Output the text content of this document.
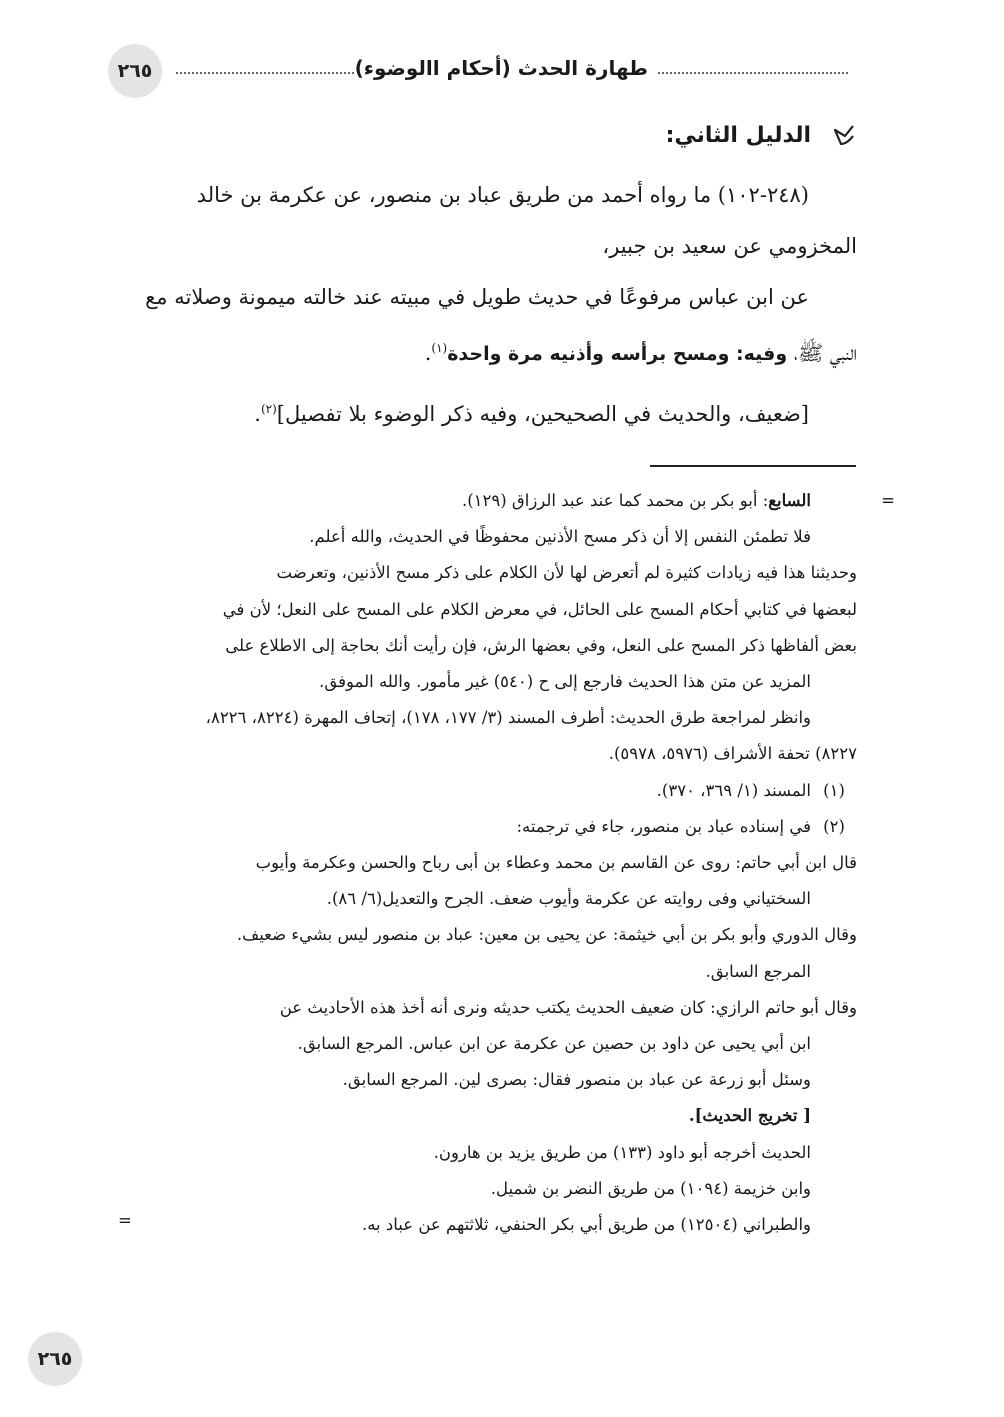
٢٦٥	طهارة الحدث (أحكام االوضوء)
الدليل الثاني:

(٢٤٨-١٠٢) ما رواه أحمد من طريق عباد بن منصور، عن عكرمة بن خالد

المخزومي عن سعيد بن جبير،

عن ابن عباس مرفوعًا في حديث طويل في مبيته عند خالته ميمونة وصلاته مع

النبي ﷺ، وفيه: ومسح برأسه وأذنيه مرة واحدة$^{(١)}$.

[ضعيف، والحديث في الصحيحين، وفيه ذكر الوضوء بلا تفصيل]$^{(٢)}$.

=

السابع: أبو بكر بن محمد كما عند عبد الرزاق (١٢٩).

فلا تطمئن النفس إلا أن ذكر مسح الأذنين محفوظًا في الحديث، والله أعلم.

وحديثنا هذا فيه زيادات كثيرة لم أتعرض لها لأن الكلام على ذكر مسح الأذنين، وتعرضت

لبعضها في كتابي أحكام المسح على الحائل، في معرض الكلام على المسح على النعل؛ لأن في

بعض ألفاظها ذكر المسح على النعل، وفي بعضها الرش، فإن رأيت أنك بحاجة إلى الاطلاع على

المزيد عن متن هذا الحديث فارجع إلى ح (٥٤٠) غير مأمور. والله الموفق.

وانظر لمراجعة طرق الحديث: أطرف المسند (٣/ ١٧٧، ١٧٨)، إتحاف المهرة (٨٢٢٤، ٨٢٢٦،

٨٢٢٧) تحفة الأشراف (٥٩٧٦، ٥٩٧٨).

(١)المسند (١/ ٣٦٩، ٣٧٠).

(٢)في إسناده عباد بن منصور، جاء في ترجمته:

قال ابن أبي حاتم: روى عن القاسم بن محمد وعطاء بن أبى رباح والحسن وعكرمة وأيوب

السختياني وفى روايته عن عكرمة وأيوب ضعف. الجرح والتعديل(٦/ ٨٦).

وقال الدوري وأبو بكر بن أبي خيثمة: عن يحيى بن معين: عباد بن منصور ليس بشيء ضعيف.

المرجع السابق.

وقال أبو حاتم الرازي: كان ضعيف الحديث يكتب حديثه ونرى أنه أخذ هذه الأحاديث عن

ابن أبي يحيى عن داود بن حصين عن عكرمة عن ابن عباس. المرجع السابق.

وسئل أبو زرعة عن عباد بن منصور فقال: بصرى لين. المرجع السابق.

[ تخريج الحديث].

الحديث أخرجه أبو داود (١٣٣) من طريق يزيد بن هارون.

وابن خزيمة (١٠٩٤) من طريق النضر بن شميل.

والطبراني (١٢٥٠٤) من طريق أبي بكر الحنفي، ثلاثتهم عن عباد به.

=
٢٦٥
